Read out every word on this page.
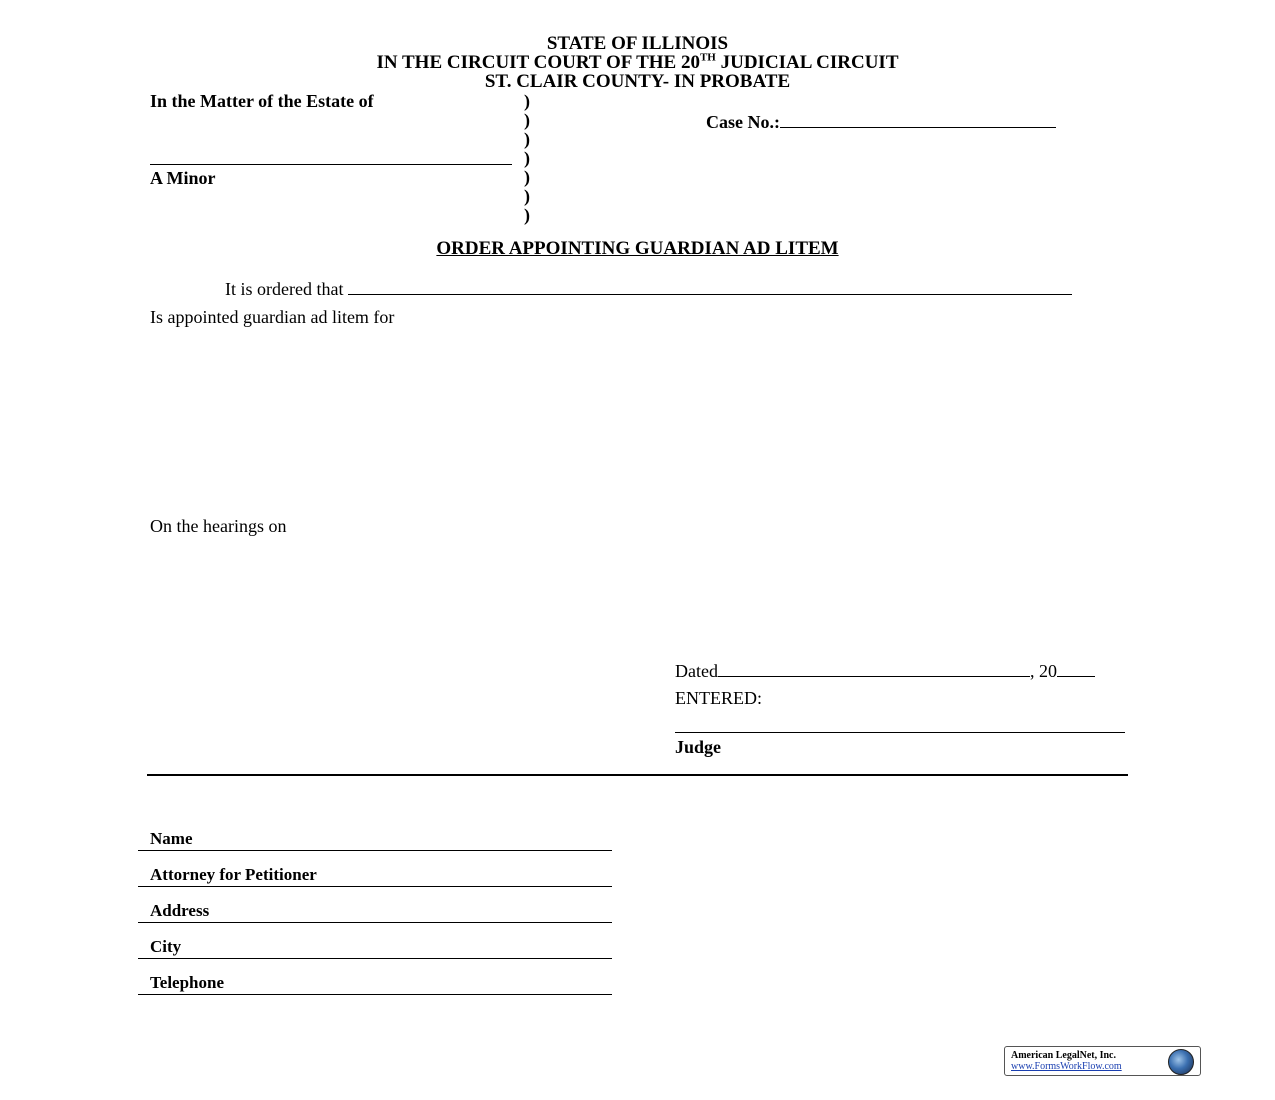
STATE OF ILLINOIS
IN THE CIRCUIT COURT OF THE 20TH JUDICIAL CIRCUIT
ST. CLAIR COUNTY- IN PROBATE
In the Matter of the Estate of
A Minor
)
)
)
)
)
)
)
Case No.:
ORDER APPOINTING GUARDIAN AD LITEM
It is ordered that
Is appointed guardian ad litem for
On the hearings on
Dated	, 20
ENTERED:
Judge
Name
Attorney for Petitioner
Address
City
Telephone
American LegalNet, Inc.
www.FormsWorkFlow.com
